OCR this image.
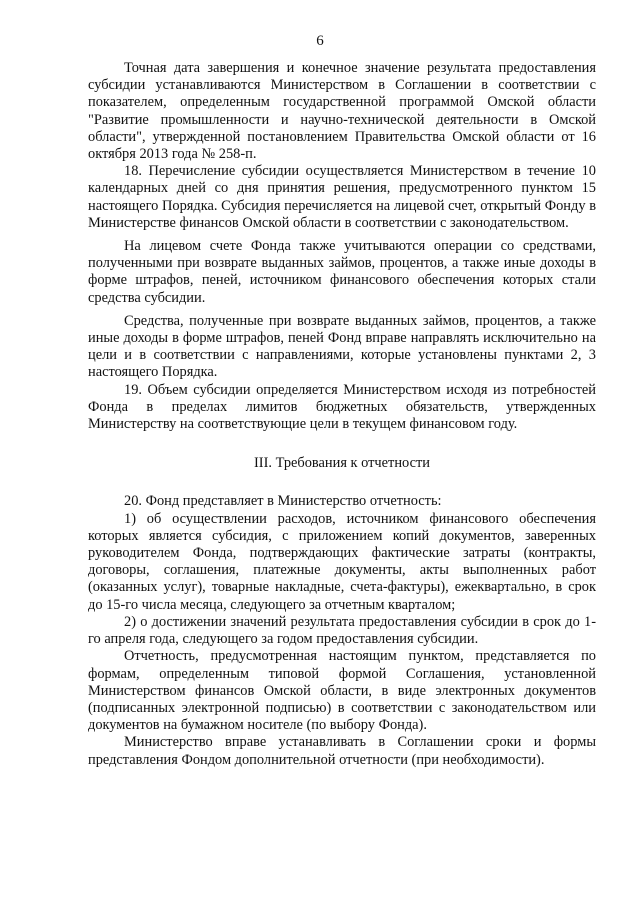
6

Точная дата завершения и конечное значение результата предоставления субсидии устанавливаются Министерством в Соглашении в соответствии с показателем, определенным государственной программой Омской области "Развитие промышленности и научно-технической деятельности в Омской области", утвержденной постановлением Правительства Омской области от 16 октября 2013 года № 258-п.

18. Перечисление субсидии осуществляется Министерством в течение 10 календарных дней со дня принятия решения, предусмотренного пунктом 15 настоящего Порядка. Субсидия перечисляется на лицевой счет, открытый Фонду в Министерстве финансов Омской области в соответствии с законодательством.

На лицевом счете Фонда также учитываются операции со средствами, полученными при возврате выданных займов, процентов, а также иные доходы в форме штрафов, пеней, источником финансового обеспечения которых стали средства субсидии.

Средства, полученные при возврате выданных займов, процентов, а также иные доходы в форме штрафов, пеней Фонд вправе направлять исключительно на цели и в соответствии с направлениями, которые установлены пунктами 2, 3 настоящего Порядка.

19. Объем субсидии определяется Министерством исходя из потребностей Фонда в пределах лимитов бюджетных обязательств, утвержденных Министерству на соответствующие цели в текущем финансовом году.

III. Требования к отчетности

20. Фонд представляет в Министерство отчетность:

1) об осуществлении расходов, источником финансового обеспечения которых является субсидия, с приложением копий документов, заверенных руководителем Фонда, подтверждающих фактические затраты (контракты, договоры, соглашения, платежные документы, акты выполненных работ (оказанных услуг), товарные накладные, счета-фактуры), ежеквартально, в срок до 15-го числа месяца, следующего за отчетным кварталом;

2) о достижении значений результата предоставления субсидии в срок до 1-го апреля года, следующего за годом предоставления субсидии.

Отчетность, предусмотренная настоящим пунктом, представляется по формам, определенным типовой формой Соглашения, установленной Министерством финансов Омской области, в виде электронных документов (подписанных электронной подписью) в соответствии с законодательством или документов на бумажном носителе (по выбору Фонда).

Министерство вправе устанавливать в Соглашении сроки и формы представления Фондом дополнительной отчетности (при необходимости).
